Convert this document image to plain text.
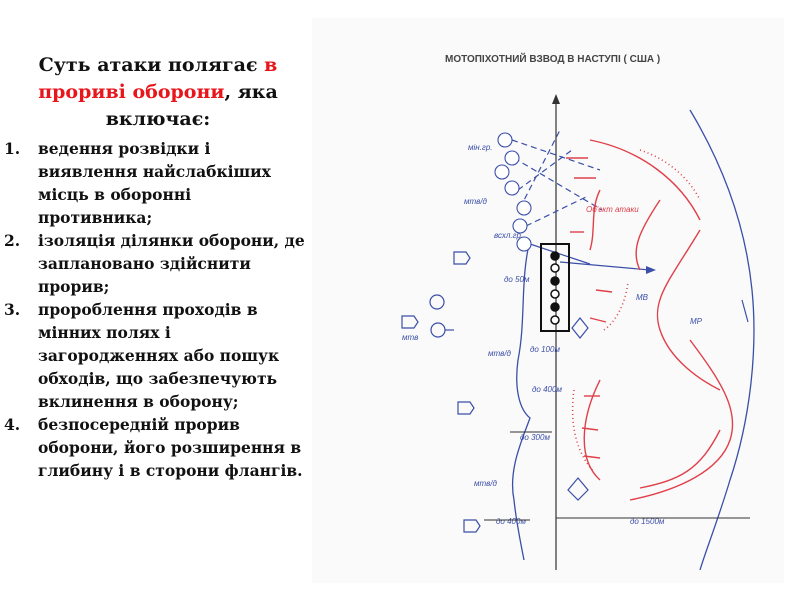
Суть атаки полягає в прориві оборони, яка включає:

1. ведення розвідки і виявлення найслабкіших місць в оборонні противника;
2. ізоляція ділянки оборони, де заплановано здійснити прорив;
3. пророблення проходів в мінних полях і загородженнях або пошук обходів, що забезпечують вклинення в оборону;
4. безпосередній прорив оборони, його розширення в глибину і в сторони флангів.
МОТОПІХОТНИЙ ВЗВОД В НАСТУПІ ( США )
мін.гр.
мтв/д
всхл.гр.
мтв
мтв/д
мтв/д
МР
МВ
Об'єкт атаки
до 50м
до 100м
до 400м
до 300м
до 400м	до 1500м
